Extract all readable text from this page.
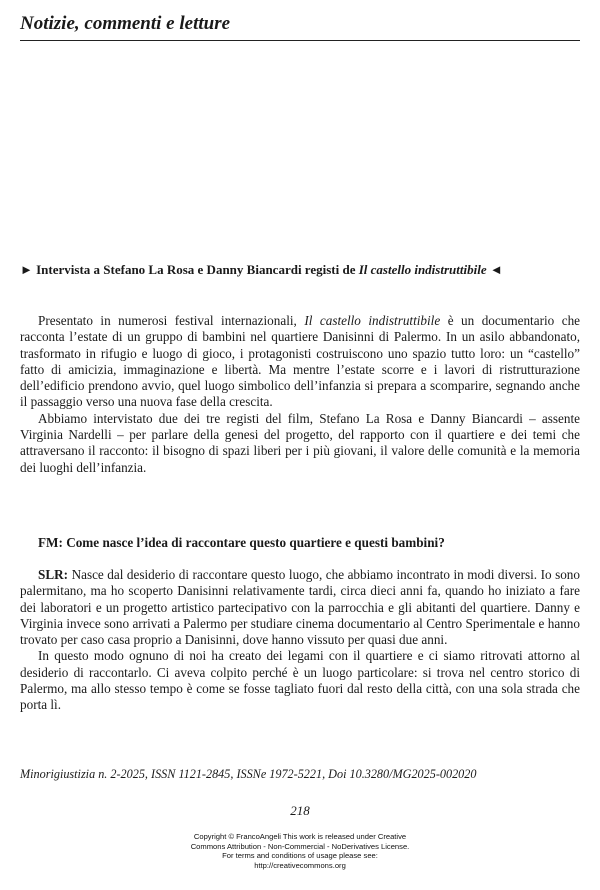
Notizie, commenti e letture
► Intervista a Stefano La Rosa e Danny Biancardi registi de Il castello indistruttibile ◄

Presentato in numerosi festival internazionali, Il castello indistruttibile è un documentario che racconta l’estate di un gruppo di bambini nel quartiere Danisinni di Palermo. In un asilo abbandonato, trasformato in rifugio e luogo di gioco, i protagonisti costruiscono uno spazio tutto loro: un “castello” fatto di amicizia, immaginazione e libertà. Ma mentre l’estate scorre e i lavori di ristrutturazione dell’edificio prendono avvio, quel luogo simbolico dell’infanzia si prepara a scomparire, segnando anche il passaggio verso una nuova fase della crescita.

Abbiamo intervistato due dei tre registi del film, Stefano La Rosa e Danny Biancardi – assente Virginia Nardelli – per parlare della genesi del progetto, del rapporto con il quartiere e dei temi che attraversano il racconto: il bisogno di spazi liberi per i più giovani, il valore delle comunità e la memoria dei luoghi dell’infanzia.

FM: Come nasce l’idea di raccontare questo quartiere e questi bambini?

SLR: Nasce dal desiderio di raccontare questo luogo, che abbiamo incontrato in modi diversi. Io sono palermitano, ma ho scoperto Danisinni relativamente tardi, circa dieci anni fa, quando ho iniziato a fare dei laboratori e un progetto artistico partecipativo con la parrocchia e gli abitanti del quartiere. Danny e Virginia invece sono arrivati a Palermo per studiare cinema documentario al Centro Sperimentale e hanno trovato per caso casa proprio a Danisinni, dove hanno vissuto per quasi due anni.

In questo modo ognuno di noi ha creato dei legami con il quartiere e ci siamo ritrovati attorno al desiderio di raccontarlo. Ci aveva colpito perché è un luogo particolare: si trova nel centro storico di Palermo, ma allo stesso tempo è come se fosse tagliato fuori dal resto della città, con una sola strada che porta lì.

Minorigiustizia n. 2-2025, ISSN 1121-2845, ISSNe 1972-5221, Doi 10.3280/MG2025-002020
218
Copyright © FrancoAngeli This work is released under Creative
Commons Attribution - Non-Commercial - NoDerivatives License.
For terms and conditions of usage please see:
http://creativecommons.org
